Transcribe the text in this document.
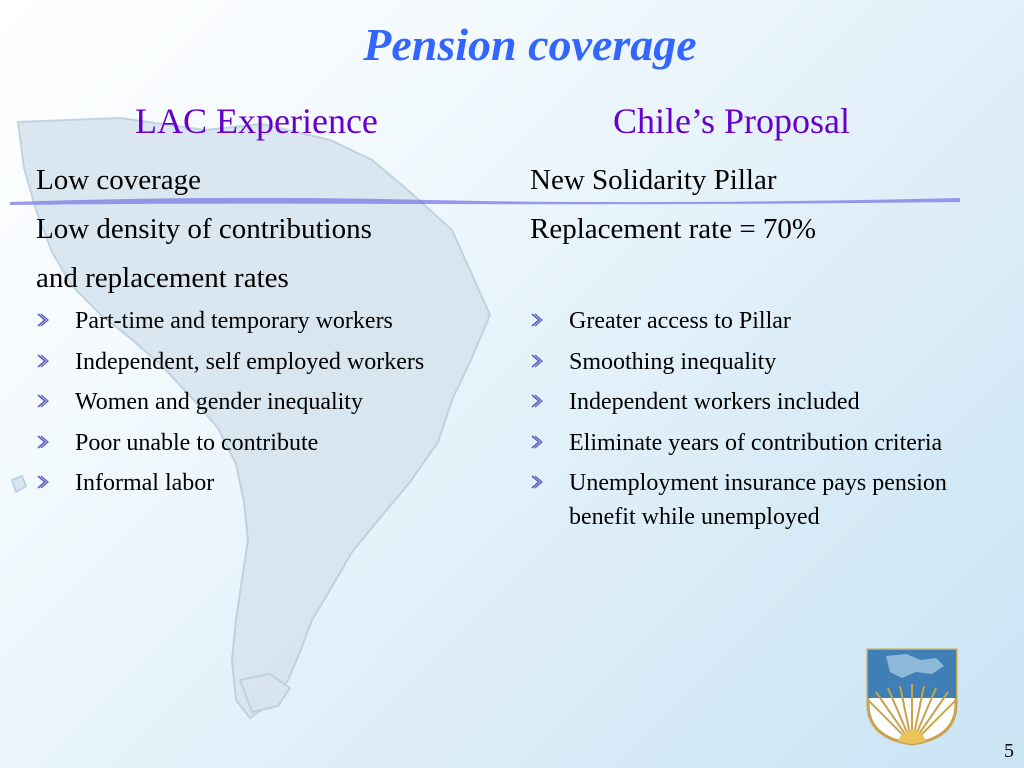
Pension coverage
LAC Experience	Chile’s Proposal

Low coverage

Low density of contributions

and replacement rates

Part-time and temporary workers
Independent, self employed workers
Women and gender inequality
Poor unable to contribute
Informal labor

New Solidarity Pillar

Replacement rate = 70%

Greater access to Pillar
Smoothing inequality
Independent workers included
Eliminate years of contribution criteria
Unemployment insurance pays pension benefit while unemployed
5
